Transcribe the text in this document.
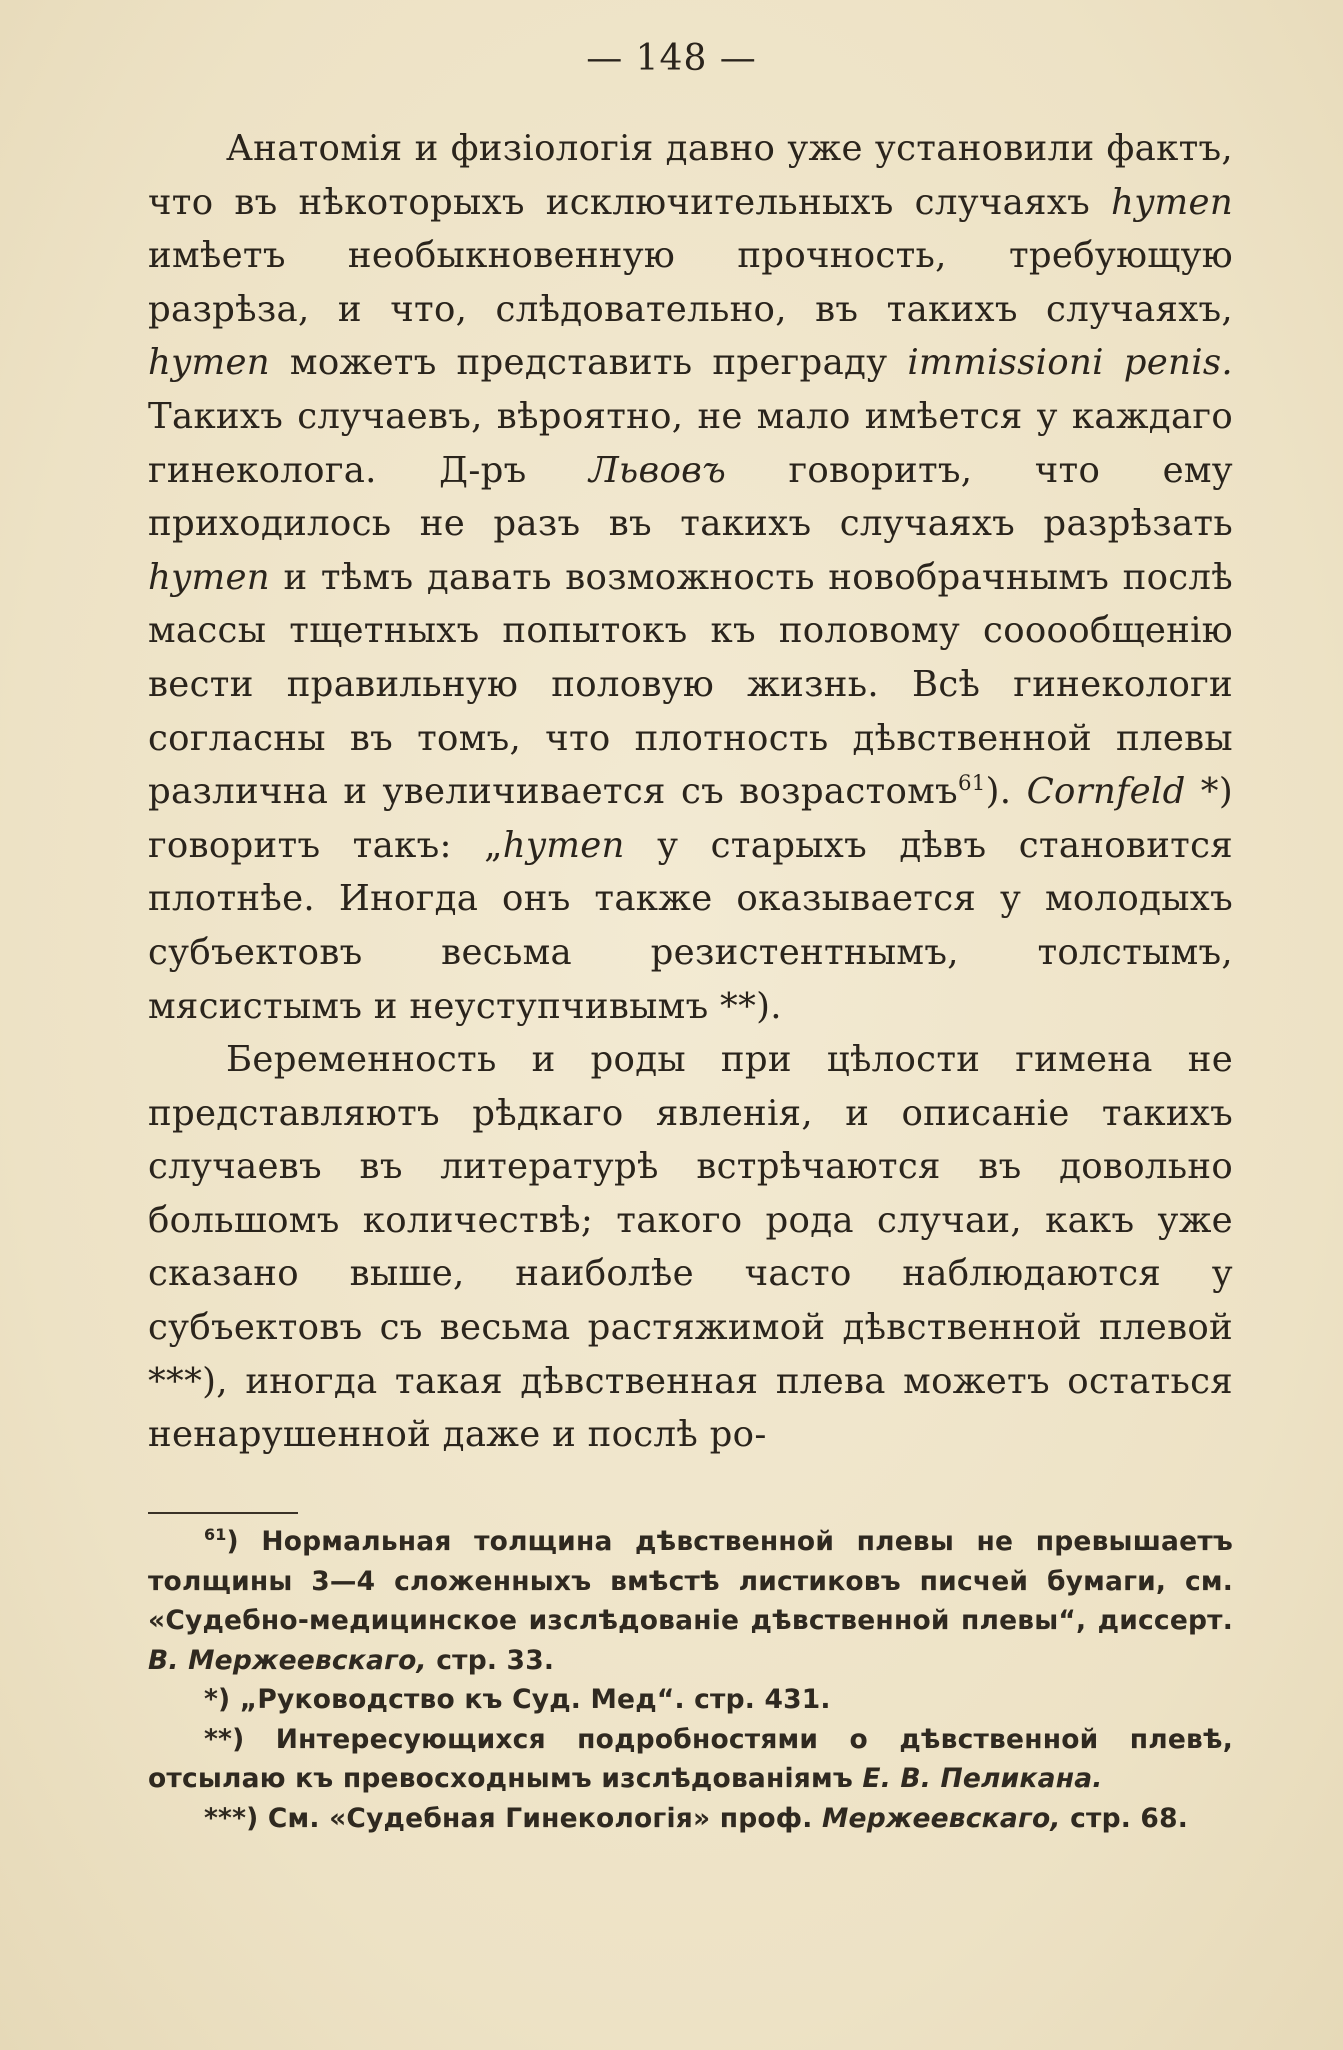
— 148 —

Анатомія и физіологія давно уже установили фактъ, что въ нѣкоторыхъ исключительныхъ случаяхъ hymen имѣетъ необыкновенную прочность, требующую разрѣза, и что, слѣдовательно, въ такихъ случаяхъ, hymen можетъ представить преграду immissioni penis. Такихъ случаевъ, вѣроятно, не мало имѣется у каждаго гинеколога. Д-ръ Львовъ говоритъ, что ему приходилось не разъ въ такихъ случаяхъ разрѣзать hymen и тѣмъ давать возможность новобрачнымъ послѣ массы тщетныхъ попытокъ къ половому сооообщенію вести правильную половую жизнь. Всѣ гинекологи согласны въ томъ, что плотность дѣвственной плевы различна и увеличивается съ возрастомъ$^{61}$). Cornfeld *) говоритъ такъ: „hymen у старыхъ дѣвъ становится плотнѣе. Иногда онъ также оказывается у молодыхъ субъектовъ весьма резистентнымъ, толстымъ, мясистымъ и неуступчивымъ **).

Беременность и роды при цѣлости гимена не представляютъ рѣдкаго явленія, и описаніе такихъ случаевъ въ литературѣ встрѣчаются въ довольно большомъ количествѣ; такого рода случаи, какъ уже сказано выше, наиболѣе часто наблюдаются у субъектовъ съ весьма растяжимой дѣвственной плевой ***), иногда такая дѣвственная плева можетъ остаться ненарушенной даже и послѣ ро-

$^{61}$) Нормальная толщина дѣвственной плевы не превышаетъ толщины 3—4 сложенныхъ вмѣстѣ листиковъ писчей бумаги, см. «Судебно-медицинское изслѣдованіе дѣвственной плевы“, диссерт. В. Мержеевскаго, стр. 33.

*) „Руководство къ Суд. Мед“. стр. 431.

**) Интересующихся подробностями о дѣвственной плевѣ, отсылаю къ превосходнымъ изслѣдованіямъ Е. В. Пеликана.

***) См. «Судебная Гинекологія» проф. Мержеевскаго, стр. 68.
